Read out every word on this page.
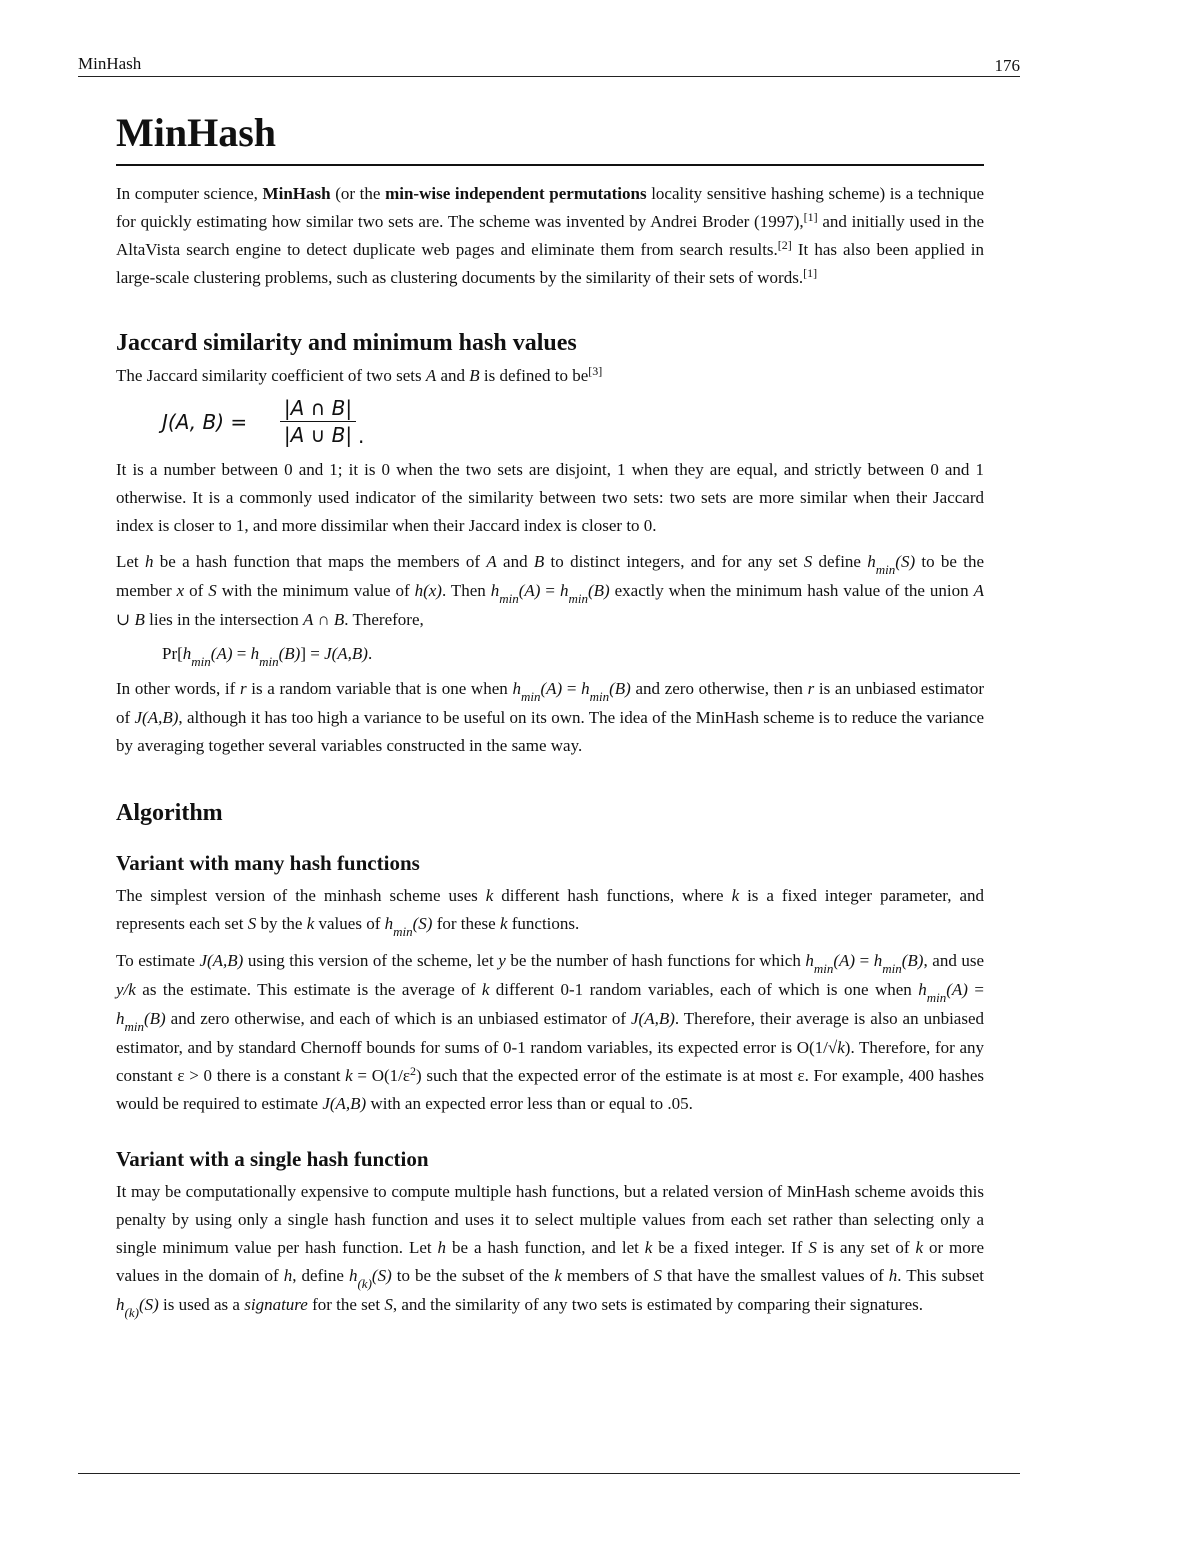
MinHash	176
MinHash

In computer science, MinHash (or the min-wise independent permutations locality sensitive hashing scheme) is a technique for quickly estimating how similar two sets are. The scheme was invented by Andrei Broder (1997),[1] and initially used in the AltaVista search engine to detect duplicate web pages and eliminate them from search results.[2] It has also been applied in large-scale clustering problems, such as clustering documents by the similarity of their sets of words.[1]

Jaccard similarity and minimum hash values

The Jaccard similarity coefficient of two sets A and B is defined to be[3]

J(A, $B) = \frac{|A \cap B|}{|A \cup B|}$ .

It is a number between 0 and 1; it is 0 when the two sets are disjoint, 1 when they are equal, and strictly between 0 and 1 otherwise. It is a commonly used indicator of the similarity between two sets: two sets are more similar when their Jaccard index is closer to 1, and more dissimilar when their Jaccard index is closer to 0.

Let h be a hash function that maps the members of A and B to distinct integers, and for any set S define $h_{min}(S)$ to be the member x of S with the minimum value of h(x). Then $h_{min}(A) = h_{min}(B)$ exactly when the minimum hash value of the union A ∪ B lies in the intersection A ∩ B. Therefore,

$Pr[h_{min}(A) = h_{min}(B)] = J(A,B)$.

In other words, if r is a random variable that is one when $h_{min}(A) = h_{min}(B)$ and zero otherwise, then r is an unbiased estimator of J(A,B), although it has too high a variance to be useful on its own. The idea of the MinHash scheme is to reduce the variance by averaging together several variables constructed in the same way.

Algorithm
Variant with many hash functions

The simplest version of the minhash scheme uses k different hash functions, where k is a fixed integer parameter, and represents each set S by the k values of $h_{min}(S)$ for these k functions.

To estimate J(A,B) using this version of the scheme, let y be the number of hash functions for which $h_{min}(A) = h_{min}(B)$, and use y/k as the estimate. This estimate is the average of k different 0-1 random variables, each of which is one when $h_{min}(A) = h_{min}(B)$ and zero otherwise, and each of which is an unbiased estimator of J(A,B). Therefore, their average is also an unbiased estimator, and by standard Chernoff bounds for sums of 0-1 random variables, its expected error is O(1/√k). Therefore, for any constant ε > 0 there is a constant $k = O(1/\varepsilon^2)$ such that the expected error of the estimate is at most ε. For example, 400 hashes would be required to estimate J(A,B) with an expected error less than or equal to .05.

Variant with a single hash function

It may be computationally expensive to compute multiple hash functions, but a related version of MinHash scheme avoids this penalty by using only a single hash function and uses it to select multiple values from each set rather than selecting only a single minimum value per hash function. Let h be a hash function, and let k be a fixed integer. If S is any set of k or more values in the domain of h, define $h_{(k)}(S)$ to be the subset of the k members of S that have the smallest values of h. This subset $h_{(k)}(S)$ is used as a signature for the set S, and the similarity of any two sets is estimated by comparing their signatures.
